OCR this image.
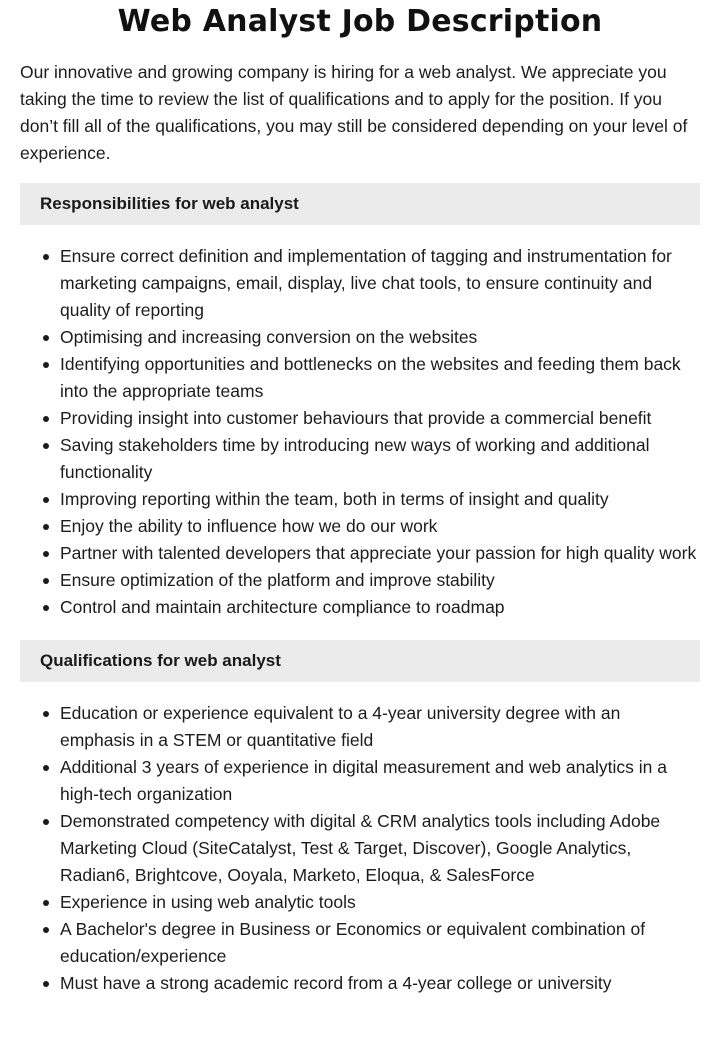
Web Analyst Job Description

Our innovative and growing company is hiring for a web analyst. We appreciate you taking the time to review the list of qualifications and to apply for the position. If you don’t fill all of the qualifications, you may still be considered depending on your level of experience.

Responsibilities for web analyst
Ensure correct definition and implementation of tagging and instrumentation for marketing campaigns, email, display, live chat tools, to ensure continuity and quality of reporting
Optimising and increasing conversion on the websites
Identifying opportunities and bottlenecks on the websites and feeding them back into the appropriate teams
Providing insight into customer behaviours that provide a commercial benefit
Saving stakeholders time by introducing new ways of working and additional functionality
Improving reporting within the team, both in terms of insight and quality
Enjoy the ability to influence how we do our work
Partner with talented developers that appreciate your passion for high quality work
Ensure optimization of the platform and improve stability
Control and maintain architecture compliance to roadmap
Qualifications for web analyst
Education or experience equivalent to a 4-year university degree with an emphasis in a STEM or quantitative field
Additional 3 years of experience in digital measurement and web analytics in a high-tech organization
Demonstrated competency with digital & CRM analytics tools including Adobe Marketing Cloud (SiteCatalyst, Test & Target, Discover), Google Analytics, Radian6, Brightcove, Ooyala, Marketo, Eloqua, & SalesForce
Experience in using web analytic tools
A Bachelor's degree in Business or Economics or equivalent combination of education/experience
Must have a strong academic record from a 4-year college or university
